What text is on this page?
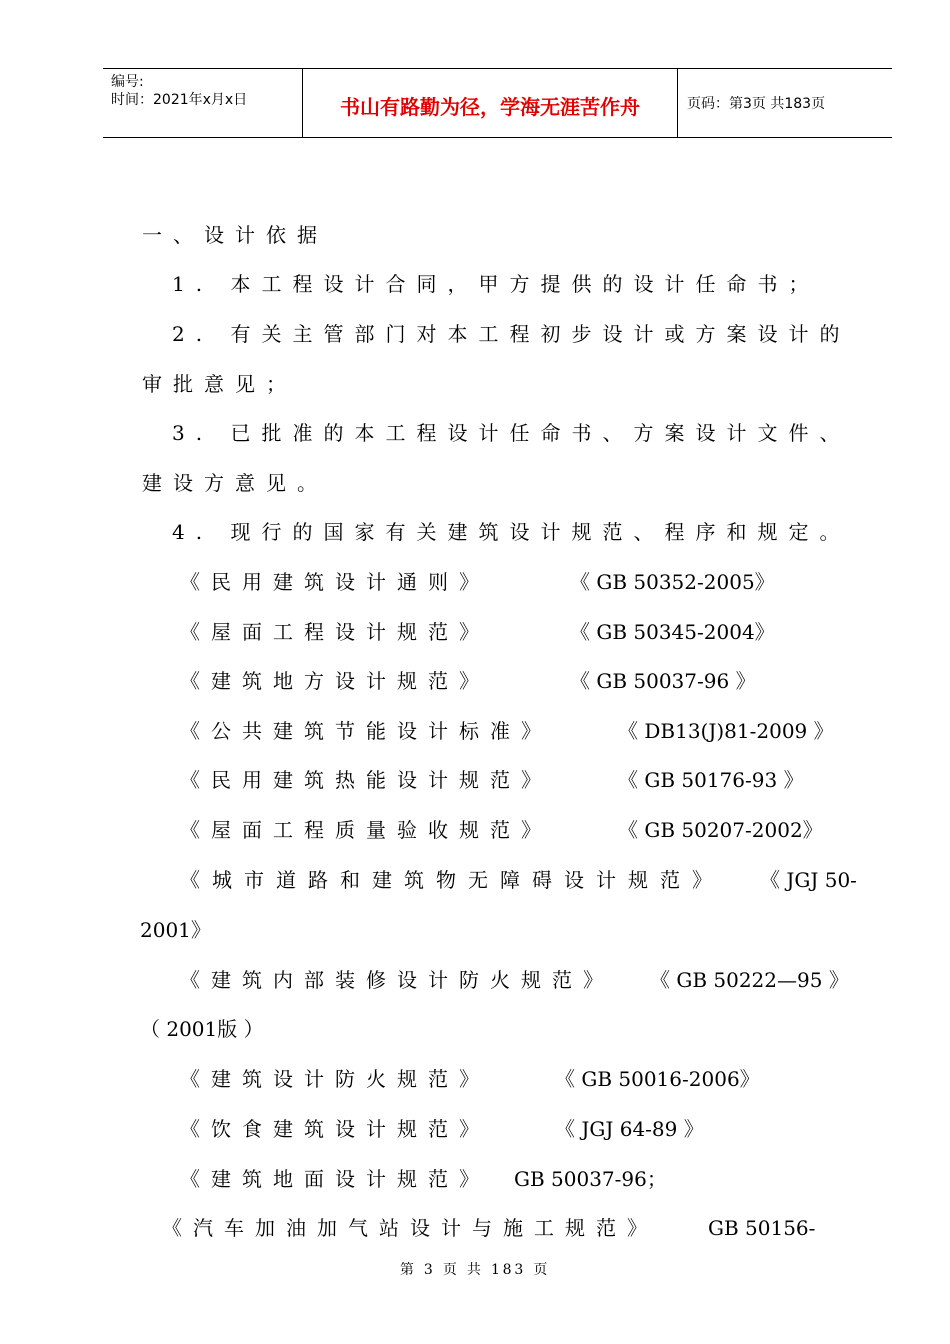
编号:
时间：2021年x月x日	书山有路勤为径，学海无涯苦作舟	页码：第3页 共183页
一、设计依据
1. 本工程设计合同，甲方提供的设计任命书；
2. 有关主管部门对本工程初步设计或方案设计的
审批意见；
3. 已批准的本工程设计任命书、方案设计文件、
建设方意见。
4. 现行的国家有关建筑设计规范、程序和规定。
《民用建筑设计通则》	《 GB 50352-2005》
《屋面工程设计规范》	《 GB 50345-2004》
《建筑地方设计规范》	《 GB 50037-96 》
《公共建筑节能设计标准》	《 DB13(J)81-2009 》
《民用建筑热能设计规范》	《 GB 50176-93 》
《屋面工程质量验收规范》	《 GB 50207-2002》
《城市道路和建筑物无障碍设计规范》 《 JGJ 50-
2001》
《建筑内部装修设计防火规范》 《 GB 50222—95 》
（ 2001版 ）
《建筑设计防火规范》	《 GB 50016-2006》
《饮食建筑设计规范》	《 JGJ 64-89 》
《建筑地面设计规范》 GB 50037-96；
《汽车加油加气站设计与施工规范》	GB 50156-
第 3 页 共 183 页
